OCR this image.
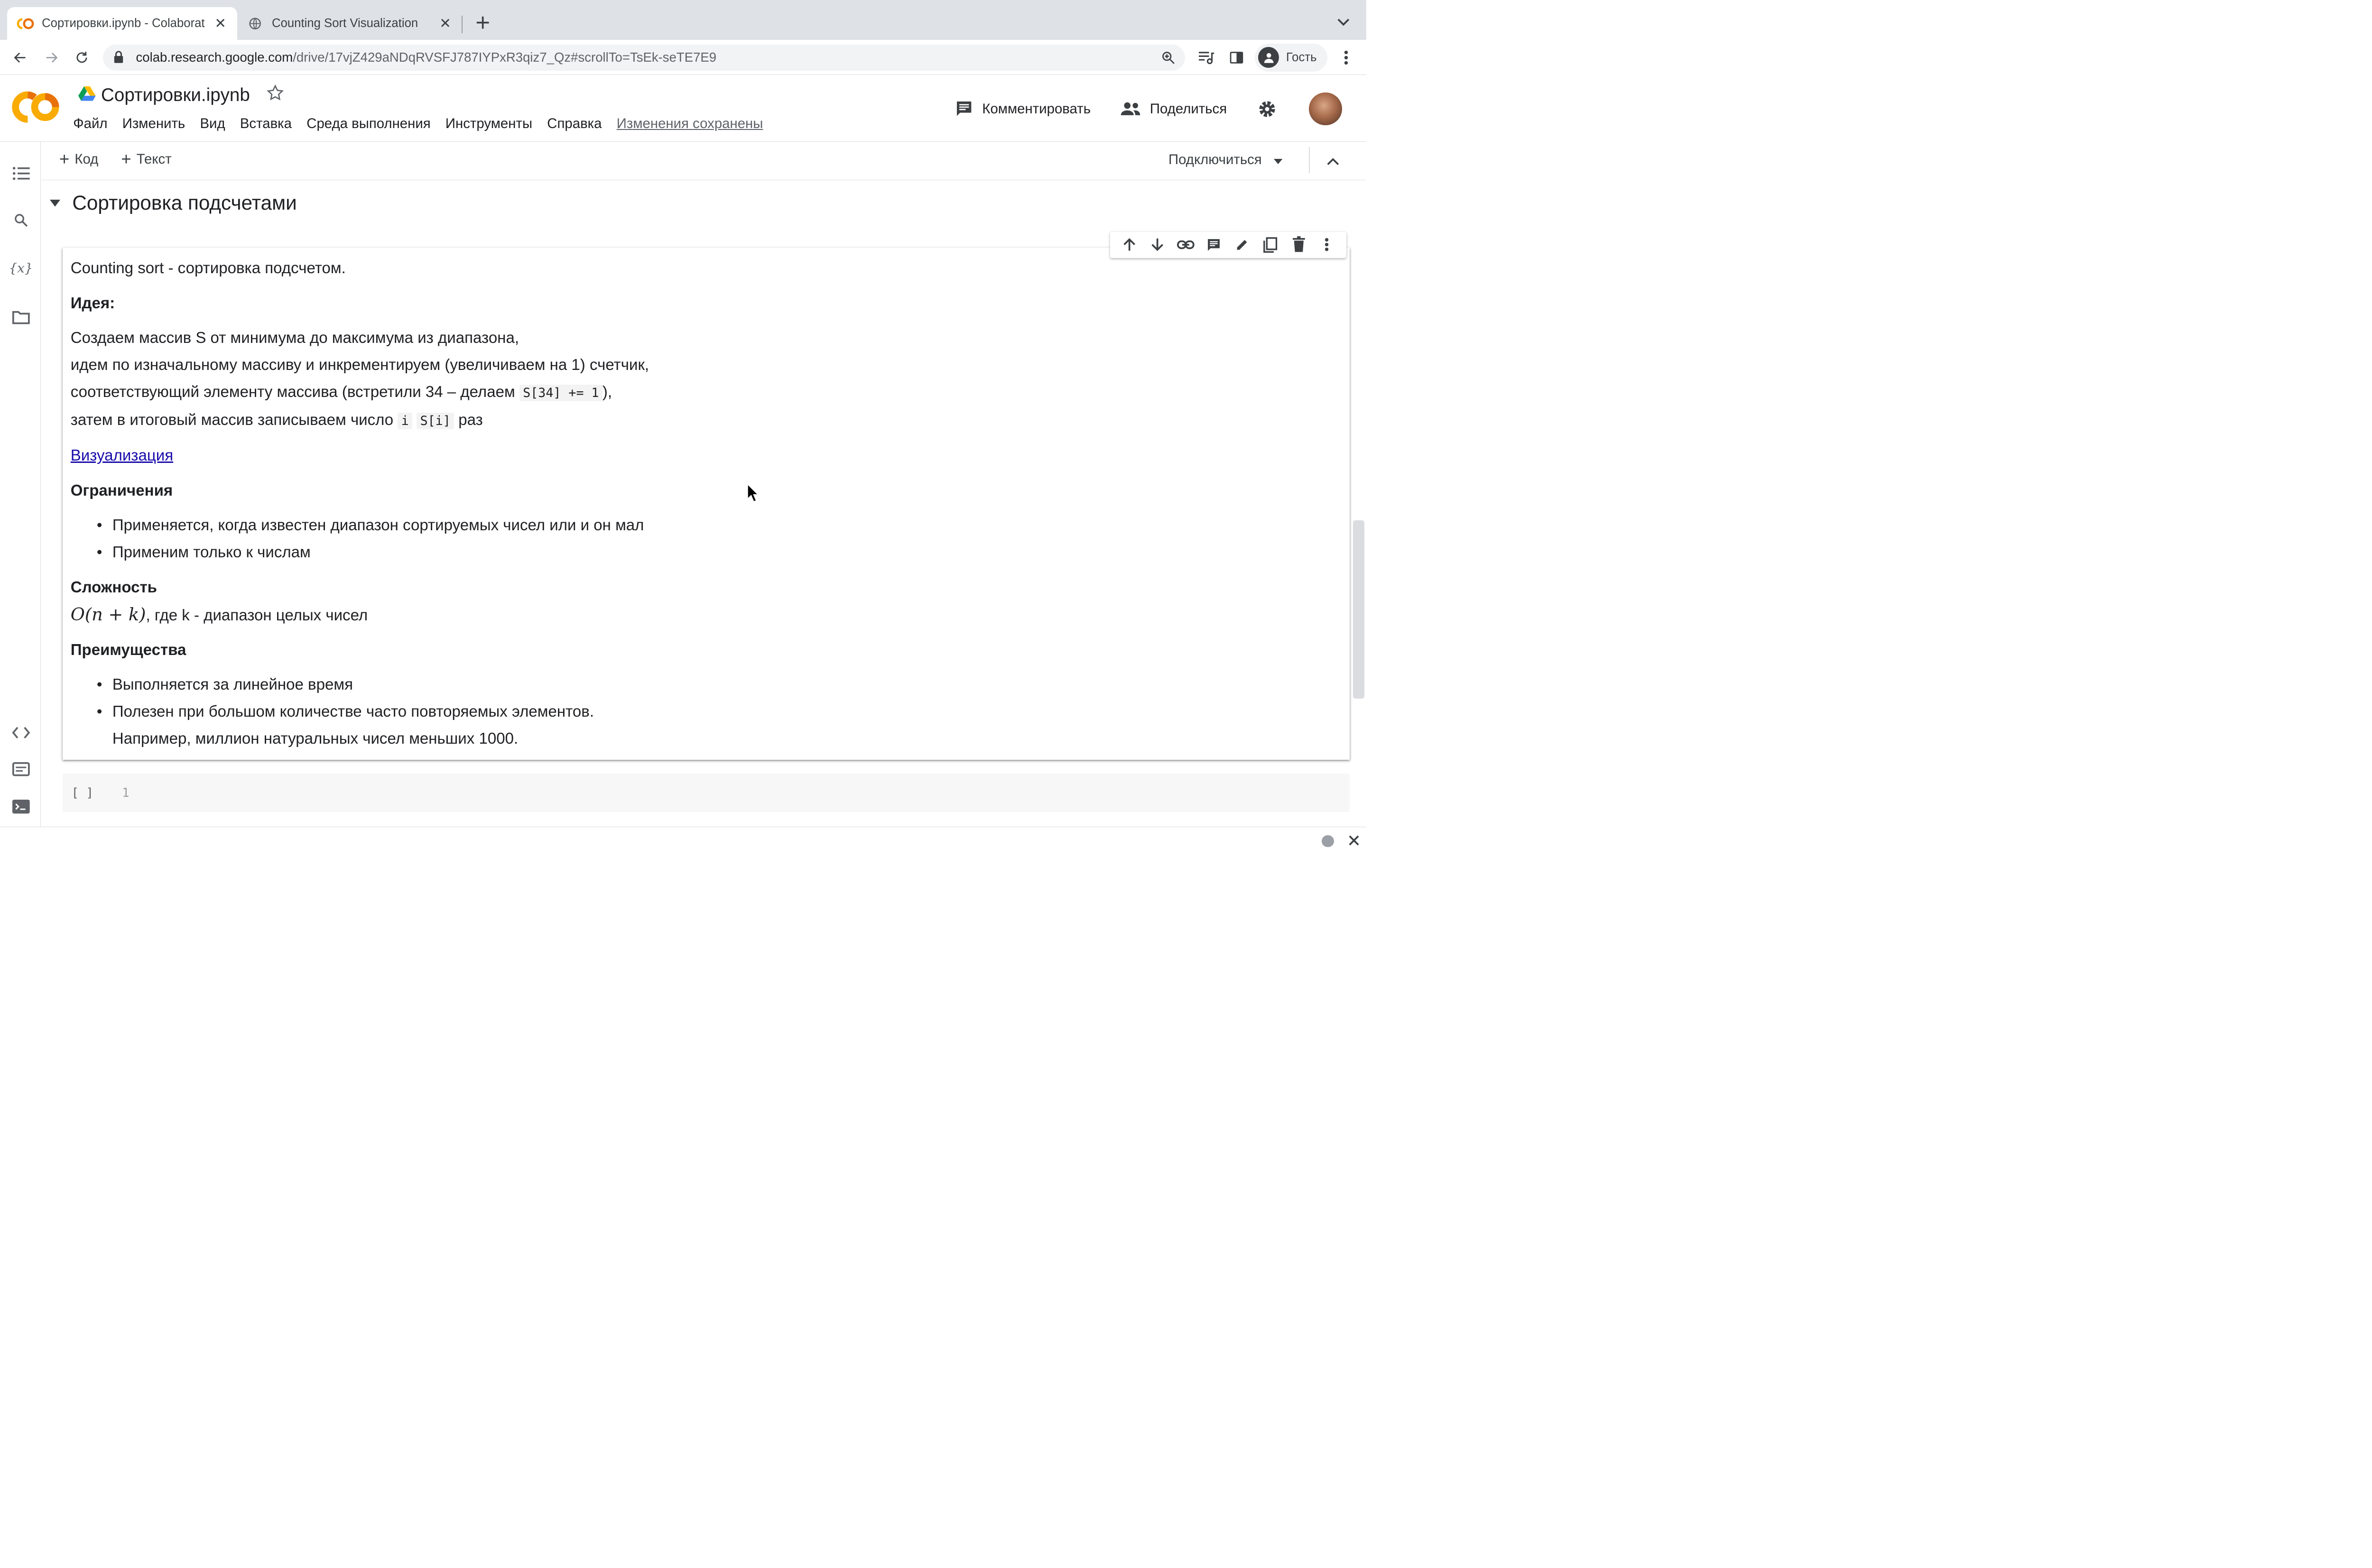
Сортировки.ipynb - Colaborat	✕	Counting Sort Visualization	✕
colab.research.google.com /drive/17vjZ429aNDqRVSFJ787IYPxR3qiz7_Qz#scrollTo=TsEk-seTE7E9	Гость
Сортировки.ipynb
Файл Изменить Вид Вставка Среда выполнения Инструменты Справка Изменения сохранены
Комментировать	Поделиться
{x}
+ Код + Текст	Подключиться
Сортировка подсчетами

Counting sort - сортировка подсчетом.

Идея:

Создаем массив S от минимума до максимума из диапазона,

идем по изначальному массиву и инкрементируем (увеличиваем на 1) счетчик,

соответствующий элементу массива (встретили 34 – делаем S[34] += 1 ),

затем в итоговый массив записываем число i S[i] раз

Визуализация

Ограничения

• Применяется, когда известен диапазон сортируемых чисел или и он мал
• Применим только к числам

Сложность

O(n + k), где k - диапазон целых чисел

Преимущества

• Выполняется за линейное время
• Полезен при большом количестве часто повторяемых элементов.
Например, миллион натуральных чисел меньших 1000.
[ ]	1
